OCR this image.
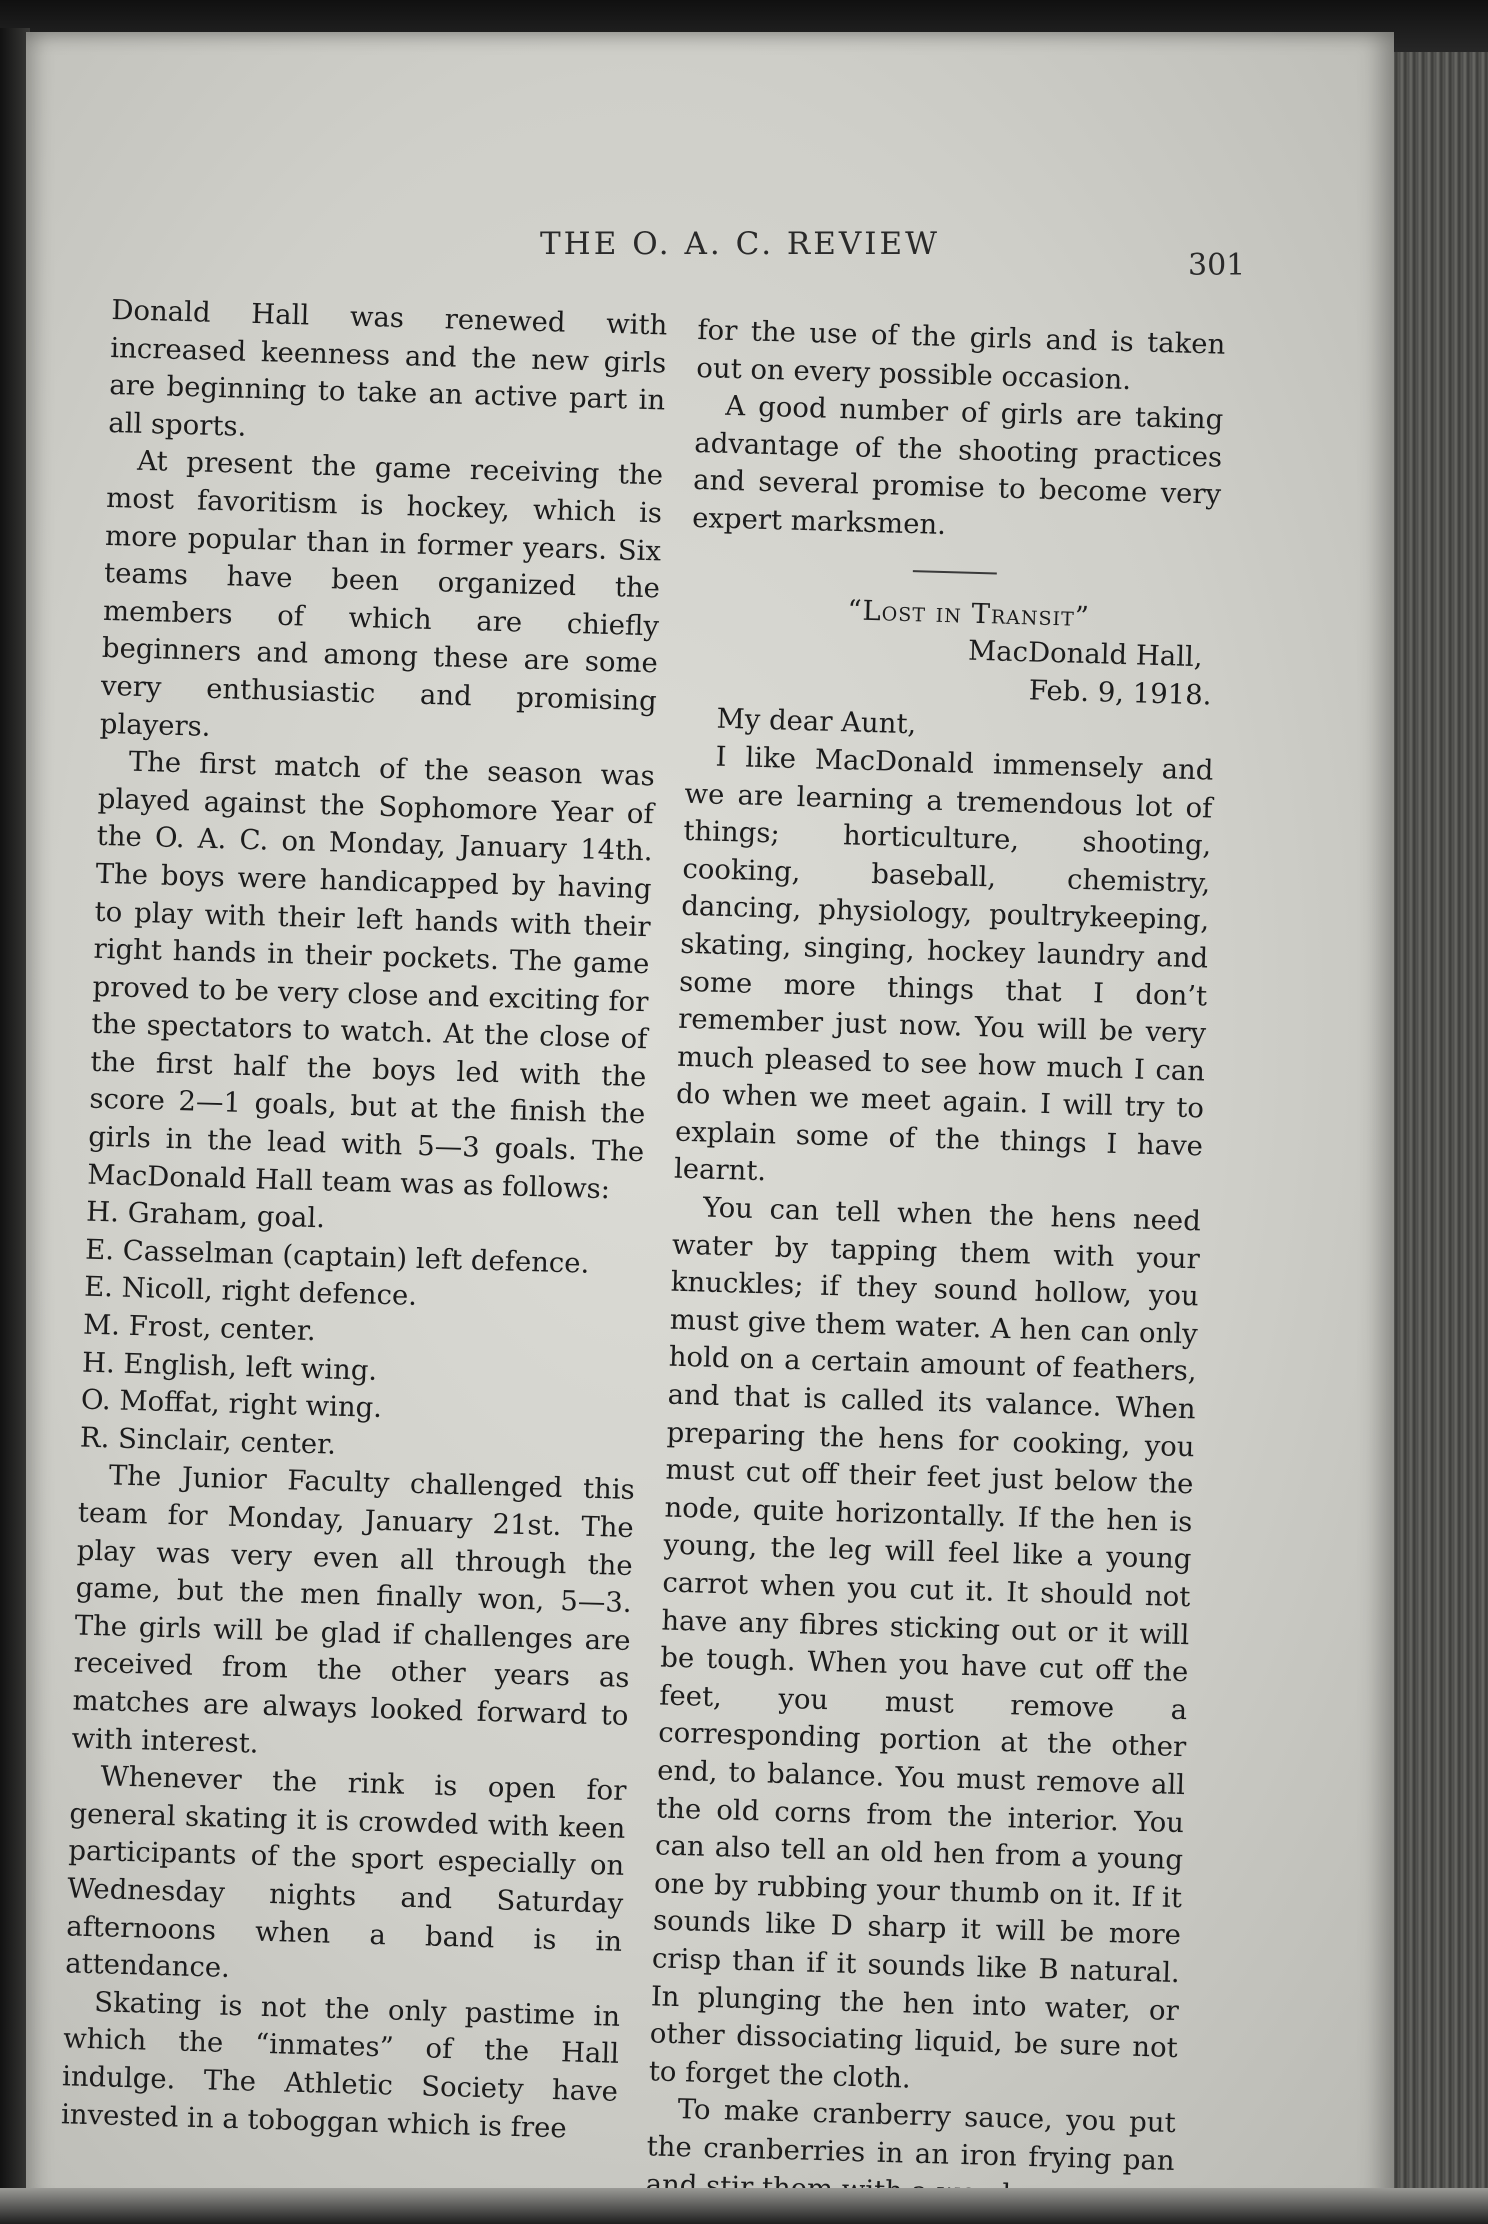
THE O. A. C. REVIEW
301

Donald Hall was renewed with increased keenness and the new girls are beginning to take an active part in all sports.

At present the game receiving the most favoritism is hockey, which is more popular than in former years. Six teams have been organized the members of which are chiefly beginners and among these are some very enthusiastic and promising players.

The first match of the season was played against the Sophomore Year of the O. A. C. on Monday, January 14th. The boys were handicapped by having to play with their left hands with their right hands in their pockets. The game proved to be very close and exciting for the spectators to watch. At the close of the first half the boys led with the score 2—1 goals, but at the finish the girls in the lead with 5—3 goals. The MacDonald Hall team was as follows:

H. Graham, goal.
E. Casselman (captain) left defence.
E. Nicoll, right defence.
M. Frost, center.
H. English, left wing.
O. Moffat, right wing.
R. Sinclair, center.

The Junior Faculty challenged this team for Monday, January 21st. The play was very even all through the game, but the men finally won, 5—3. The girls will be glad if challenges are received from the other years as matches are always looked forward to with interest.

Whenever the rink is open for general skating it is crowded with keen participants of the sport especially on Wednesday nights and Saturday afternoons when a band is in attendance.

Skating is not the only pastime in which the “inmates” of the Hall indulge. The Athletic Society have invested in a toboggan which is free

for the use of the girls and is taken out on every possible occasion.

A good number of girls are taking advantage of the shooting practices and several promise to become very expert marksmen.

“Lost in Transit”

MacDonald Hall,

Feb. 9, 1918.

My dear Aunt,

I like MacDonald immensely and we are learning a tremendous lot of things; horticulture, shooting, cooking, baseball, chemistry, dancing, physiology, poultrykeeping, skating, singing, hockey laundry and some more things that I don’t remember just now. You will be very much pleased to see how much I can do when we meet again. I will try to explain some of the things I have learnt.

You can tell when the hens need water by tapping them with your knuckles; if they sound hollow, you must give them water. A hen can only hold on a certain amount of feathers, and that is called its valance. When preparing the hens for cooking, you must cut off their feet just below the node, quite horizontally. If the hen is young, the leg will feel like a young carrot when you cut it. It should not have any fibres sticking out or it will be tough. When you have cut off the feet, you must remove a corresponding portion at the other end, to balance. You must remove all the old corns from the interior. You can also tell an old hen from a young one by rubbing your thumb on it. If it sounds like D sharp it will be more crisp than if it sounds like B natural. In plunging the hen into water, or other dissociating liquid, be sure not to forget the cloth.

To make cranberry sauce, you put the cranberries in an iron frying pan and stir
